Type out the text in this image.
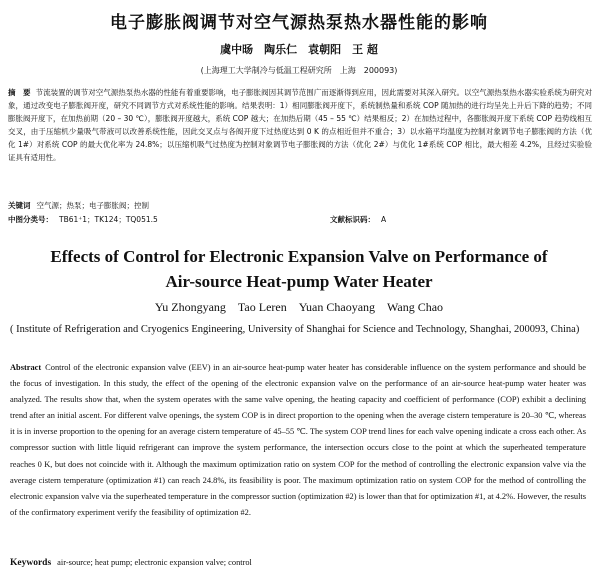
电子膨胀阀调节对空气源热泵热水器性能的影响
虞中旸　陶乐仁　袁朝阳　王 超
(上海理工大学制冷与低温工程研究所　上海　200093)
摘　要 节流装置的调节对空气源热泵热水器的性能有着重要影响，电子膨胀阀因其调节范围广而逐渐得到应用，因此需要对其深入研究。以空气源热泵热水器实验系统为研究对象，通过改变电子膨胀阀开度，研究不同调节方式对系统性能的影响。结果表明：1）相同膨胀阀开度下，系统制热量和系统 COP 随加热的进行均呈先上升后下降的趋势；不同膨胀阀开度下，在加热前期（20 – 30 ℃），膨胀阀开度越大，系统 COP 越大；在加热后期（45 – 55 ℃）结果相反；2）在加热过程中，各膨胀阀开度下系统 COP 趋势线相互交叉，由于压缩机少量吸气带液可以改善系统性能，因此交叉点与各阀开度下过热度达到 0 K 的点相近但并不重合；3）以水箱平均温度为控制对象调节电子膨胀阀的方法（优化 1#）对系统 COP 的最大优化率为 24.8%；以压缩机吸气过热度为控制对象调节电子膨胀阀的方法（优化 2#）与优化 1#系统 COP 相比，最大相差 4.2%，且经过实验验证具有适用性。
关键词 空气源；热泵；电子膨胀阀；控制
中图分类号： TB61⁺1；TK124；TQ051.5	文献标识码： A
Effects of Control for Electronic Expansion Valve on Performance of
Air-source Heat-pump Water Heater
Yu Zhongyang　Tao Leren　Yuan Chaoyang　Wang Chao
( Institute of Refrigeration and Cryogenics Engineering, University of Shanghai for Science and Technology, Shanghai, 200093, China)
Abstract Control of the electronic expansion valve (EEV) in an air-source heat-pump water heater has considerable influence on the system performance and should be the focus of investigation. In this study, the effect of the opening of the electronic expansion valve on the performance of an air-source heat-pump water heater was analyzed. The results show that, when the system operates with the same valve opening, the heating capacity and coefficient of performance (COP) exhibit a declining trend after an initial ascent. For different valve openings, the system COP is in direct proportion to the opening when the average cistern temperature is 20–30 ℃, whereas it is in inverse proportion to the opening for an average cistern temperature of 45–55 ℃. The system COP trend lines for each valve opening indicate a cross each other. As compressor suction with little liquid refrigerant can improve the system performance, the intersection occurs close to the point at which the superheated temperature reaches 0 K, but does not coincide with it. Although the maximum optimization ratio on system COP for the method of controlling the electronic expansion valve via the average cistern temperature (optimization #1) can reach 24.8%, its feasibility is poor. The maximum optimization ratio on system COP for the method of controlling the electronic expansion valve via the superheated temperature in the compressor suction (optimization #2) is lower than that for optimization #1, at 4.2%. However, the results of the confirmatory experiment verify the feasibility of optimization #2.
Keywords air-source; heat pump; electronic expansion valve; control
